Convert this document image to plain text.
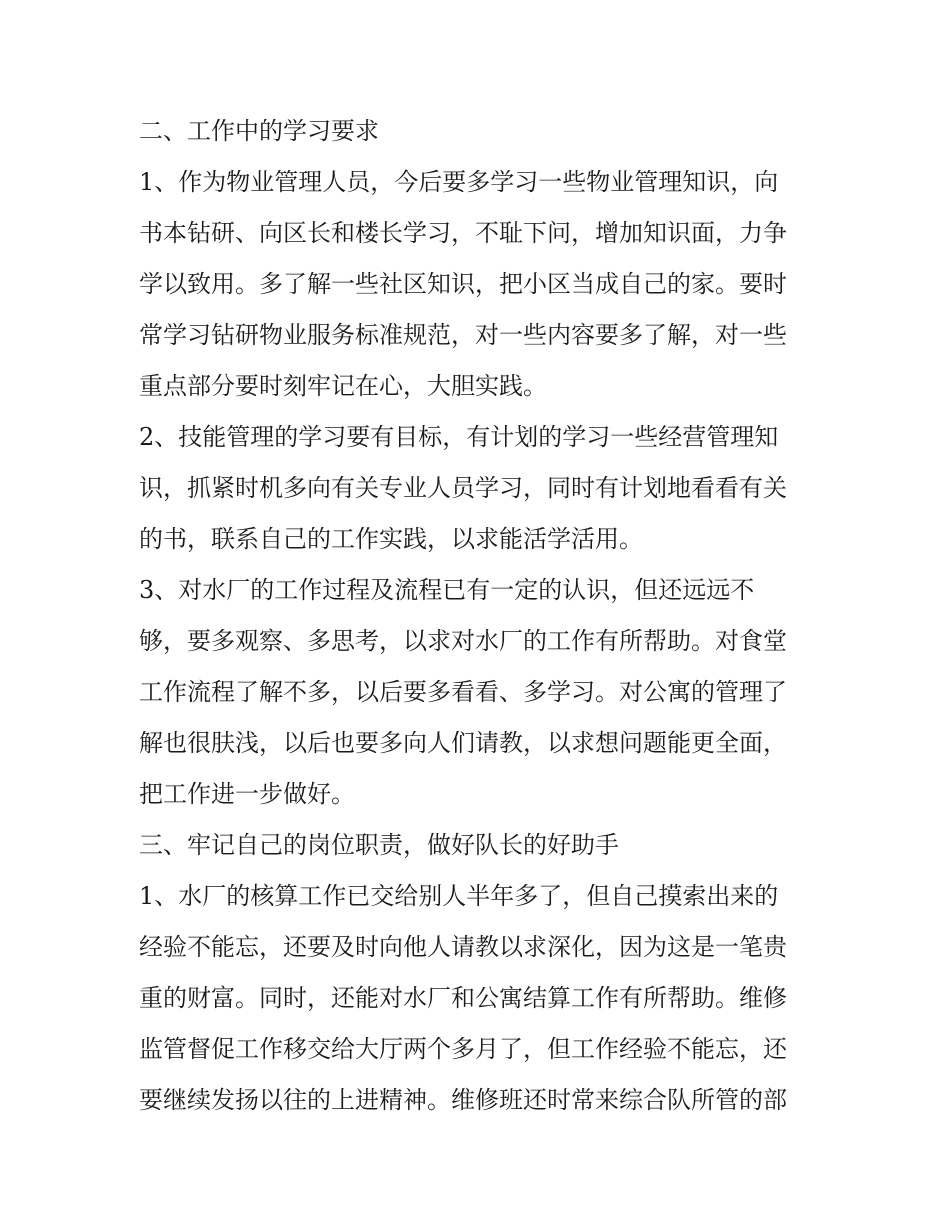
二、工作中的学习要求
1、作为物业管理人员，今后要多学习一些物业管理知识，向
书本钻研、向区长和楼长学习，不耻下问，增加知识面，力争
学以致用。多了解一些社区知识，把小区当成自己的家。要时
常学习钻研物业服务标准规范，对一些内容要多了解，对一些
重点部分要时刻牢记在心，大胆实践。
2、技能管理的学习要有目标，有计划的学习一些经营管理知
识，抓紧时机多向有关专业人员学习，同时有计划地看看有关
的书，联系自己的工作实践，以求能活学活用。
3、对水厂的工作过程及流程已有一定的认识，但还远远不
够，要多观察、多思考，以求对水厂的工作有所帮助。对食堂
工作流程了解不多，以后要多看看、多学习。对公寓的管理了
解也很肤浅，以后也要多向人们请教，以求想问题能更全面，
把工作进一步做好。
三、牢记自己的岗位职责，做好队长的好助手
1、水厂的核算工作已交给别人半年多了，但自己摸索出来的
经验不能忘，还要及时向他人请教以求深化，因为这是一笔贵
重的财富。同时，还能对水厂和公寓结算工作有所帮助。维修
监管督促工作移交给大厅两个多月了，但工作经验不能忘，还
要继续发扬以往的上进精神。维修班还时常来综合队所管的部
